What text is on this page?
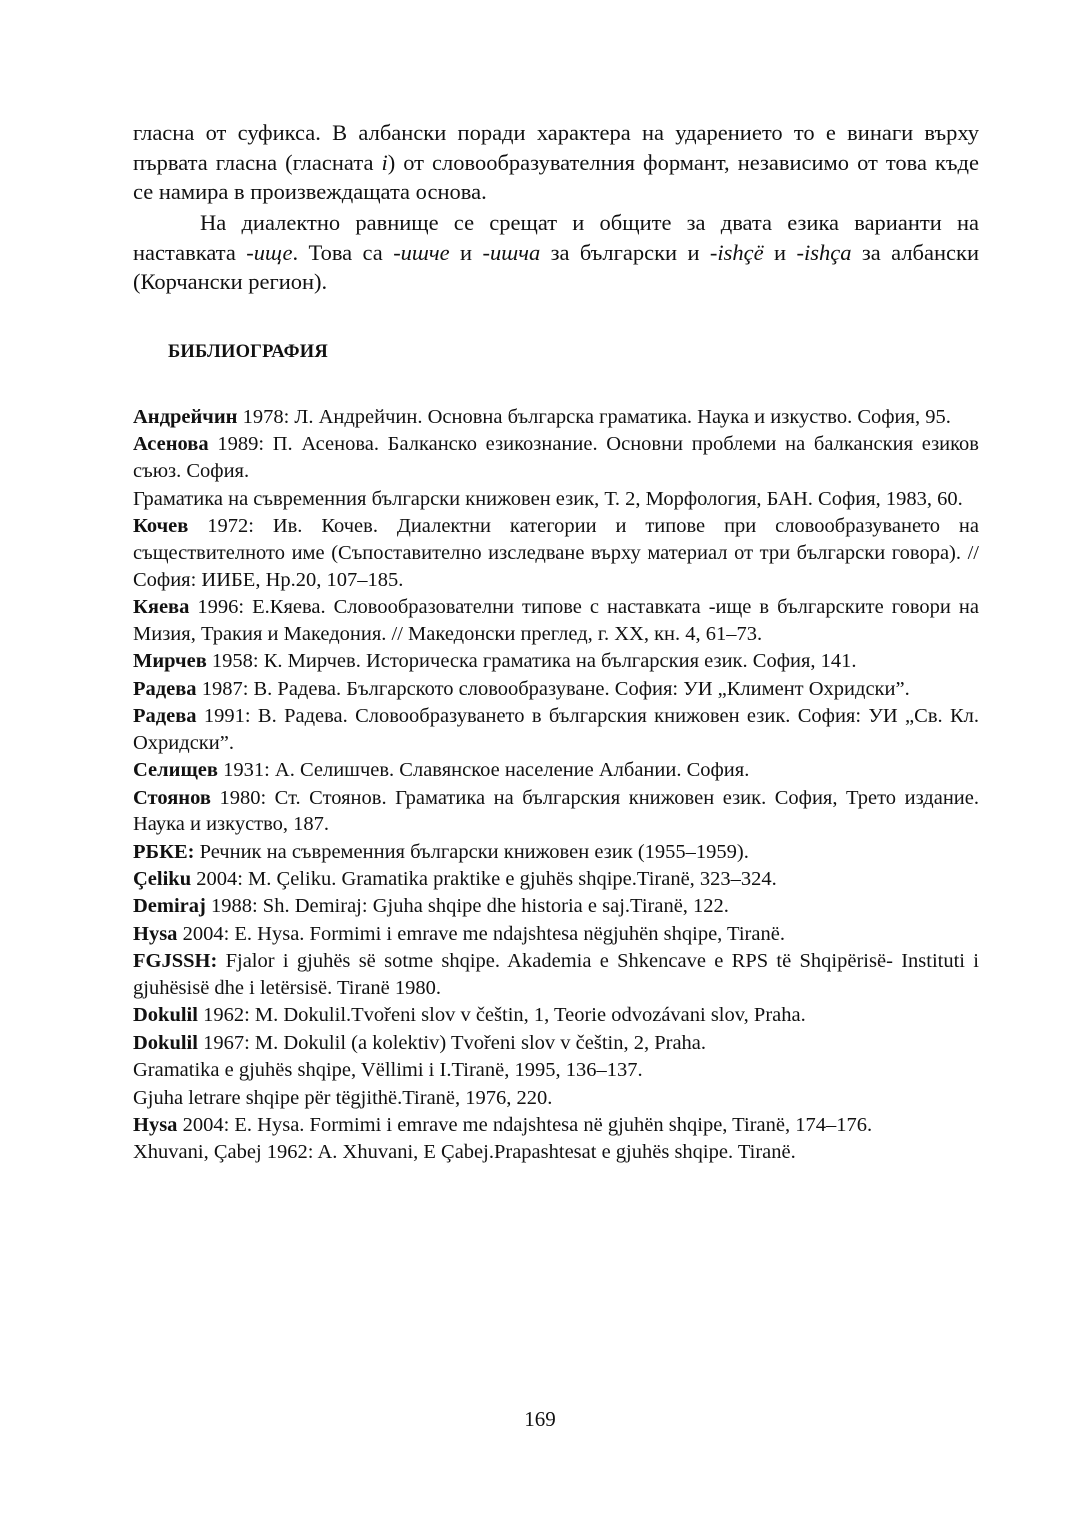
гласна от суфикса. В албански поради характера на ударението то е винаги върху първата гласна (гласната i) от словообразувателния формант, независимо от това къде се намира в произвеждащата основа.
На диалектно равнище се срещат и общите за двата езика варианти на наставката -ище. Това са -ишче и -ишча за български и -ishçë и -ishça за албански (Корчански регион).
БИБЛИОГРАФИЯ
Андрейчин 1978: Л. Андрейчин. Основна българска граматика. Наука и изкуство. София, 95.
Асенова 1989: П. Асенова. Балканско езикознание. Основни проблеми на балканския езиков съюз. София.
Граматика на съвременния български книжовен език, Т. 2, Морфология, БАН. София, 1983, 60.
Кочев 1972: Ив. Кочев. Диалектни категории и типове при словообразуването на съществителното име (Съпоставително изследване върху материал от три български говора). // София: ИИБЕ, Нр.20, 107–185.
Кяева 1996: Е.Кяева. Словообразователни типове с наставката -ище в българските говори на Мизия, Тракия и Македония. // Македонски преглед, г. ХХ, кн. 4, 61–73.
Мирчев 1958: К. Мирчев. Историческа граматика на българския език. София, 141.
Радева 1987: В. Радева. Българското словообразуване. София: УИ „Климент Охридски”.
Радева 1991: В. Радева. Словообразуването в българския книжовен език. София: УИ „Св. Кл. Охридски”.
Селищев 1931: А. Селишчев. Славянское население Албании. София.
Стоянов 1980: Ст. Стоянов. Граматика на българския книжовен език. София, Трето издание. Наука и изкуство, 187.
РБКЕ: Речник на съвременния български книжовен език (1955–1959).
Çeliku 2004: M. Çeliku. Gramatika praktike e gjuhës shqipe.Tiranë, 323–324.
Demiraj 1988: Sh. Demiraj: Gjuha shqipe dhe historia e saj.Tiranë, 122.
Hysa 2004: E. Hysa. Formimi i emrave me ndajshtesa nëgjuhën shqipe, Tiranë.
FGJSSH: Fjalor i gjuhës së sotme shqipe. Akademia e Shkencave e RPS të Shqipërisë- Instituti i gjuhësisë dhe i letërsisë. Tiranë 1980.
Dokulil 1962: M. Dokulil.Tvořeni slov v češtin, 1, Teorie odvozávani slov, Praha.
Dokulil 1967: M. Dokulil (a kolektiv) Tvořeni slov v češtin, 2, Praha.
Gramatika e gjuhës shqipe, Vëllimi i I.Tiranë, 1995, 136–137.
Gjuha letrare shqipe për tëgjithë.Tiranë, 1976, 220.
Hysa 2004: E. Hysa. Formimi i emrave me ndajshtesa në gjuhën shqipe, Tiranë, 174–176.
Xhuvani, Çabej 1962: A. Xhuvani, E Çabej.Prapashtesat e gjuhës shqipe. Tiranë.
169
